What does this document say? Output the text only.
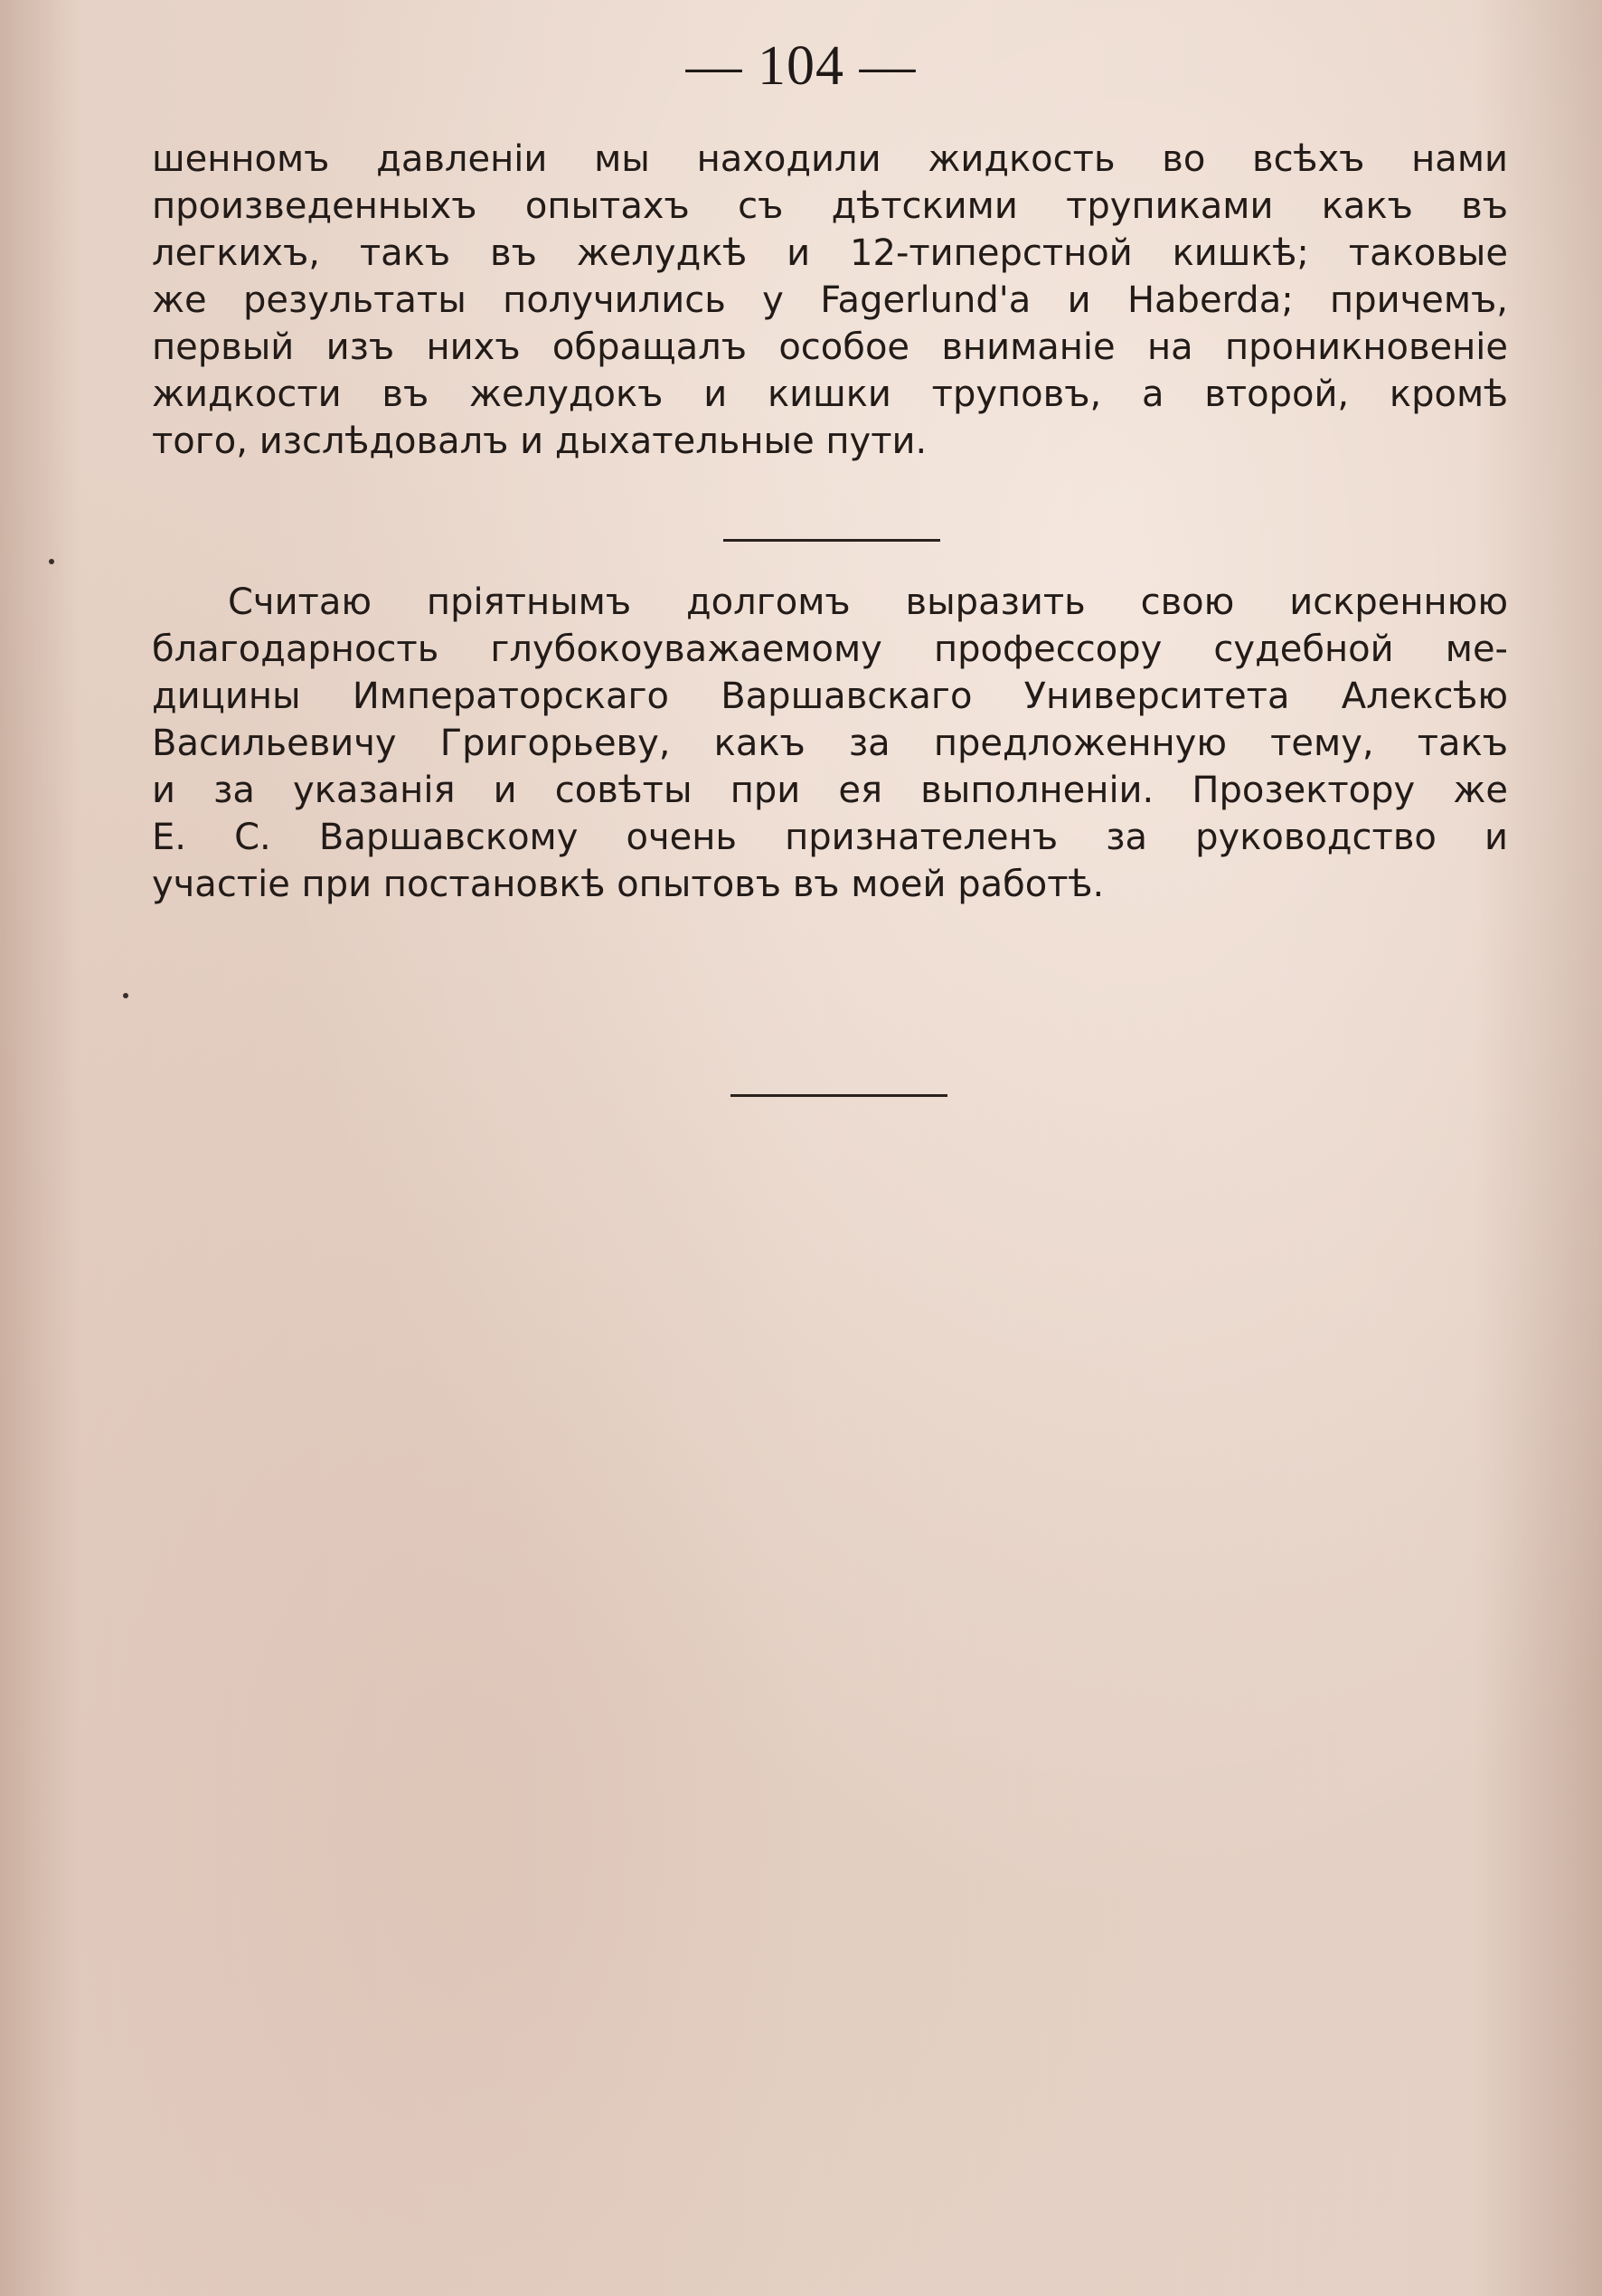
— 104 —
шенномъ давленіи мы находили жидкость во всѣхъ нами
произведенныхъ опытахъ съ дѣтскими трупиками какъ въ
легкихъ, такъ въ желудкѣ и 12-типерстной кишкѣ; таковые
же результаты получились у Fagerlund'a и Haberda; причемъ,
первый изъ нихъ обращалъ особое вниманіе на проникновеніе
жидкости въ желудокъ и кишки труповъ, а второй, кромѣ
того, изслѣдовалъ и дыхательные пути.
Считаю пріятнымъ долгомъ выразить свою искреннюю
благодарность глубокоуважаемому профессору судебной ме-
дицины Императорскаго Варшавскаго Университета Алексѣю
Васильевичу Григорьеву, какъ за предложенную тему, такъ
и за указанія и совѣты при ея выполненіи. Прозектору же
Е. С. Варшавскому очень признателенъ за руководство и
участіе при постановкѣ опытовъ въ моей работѣ.
